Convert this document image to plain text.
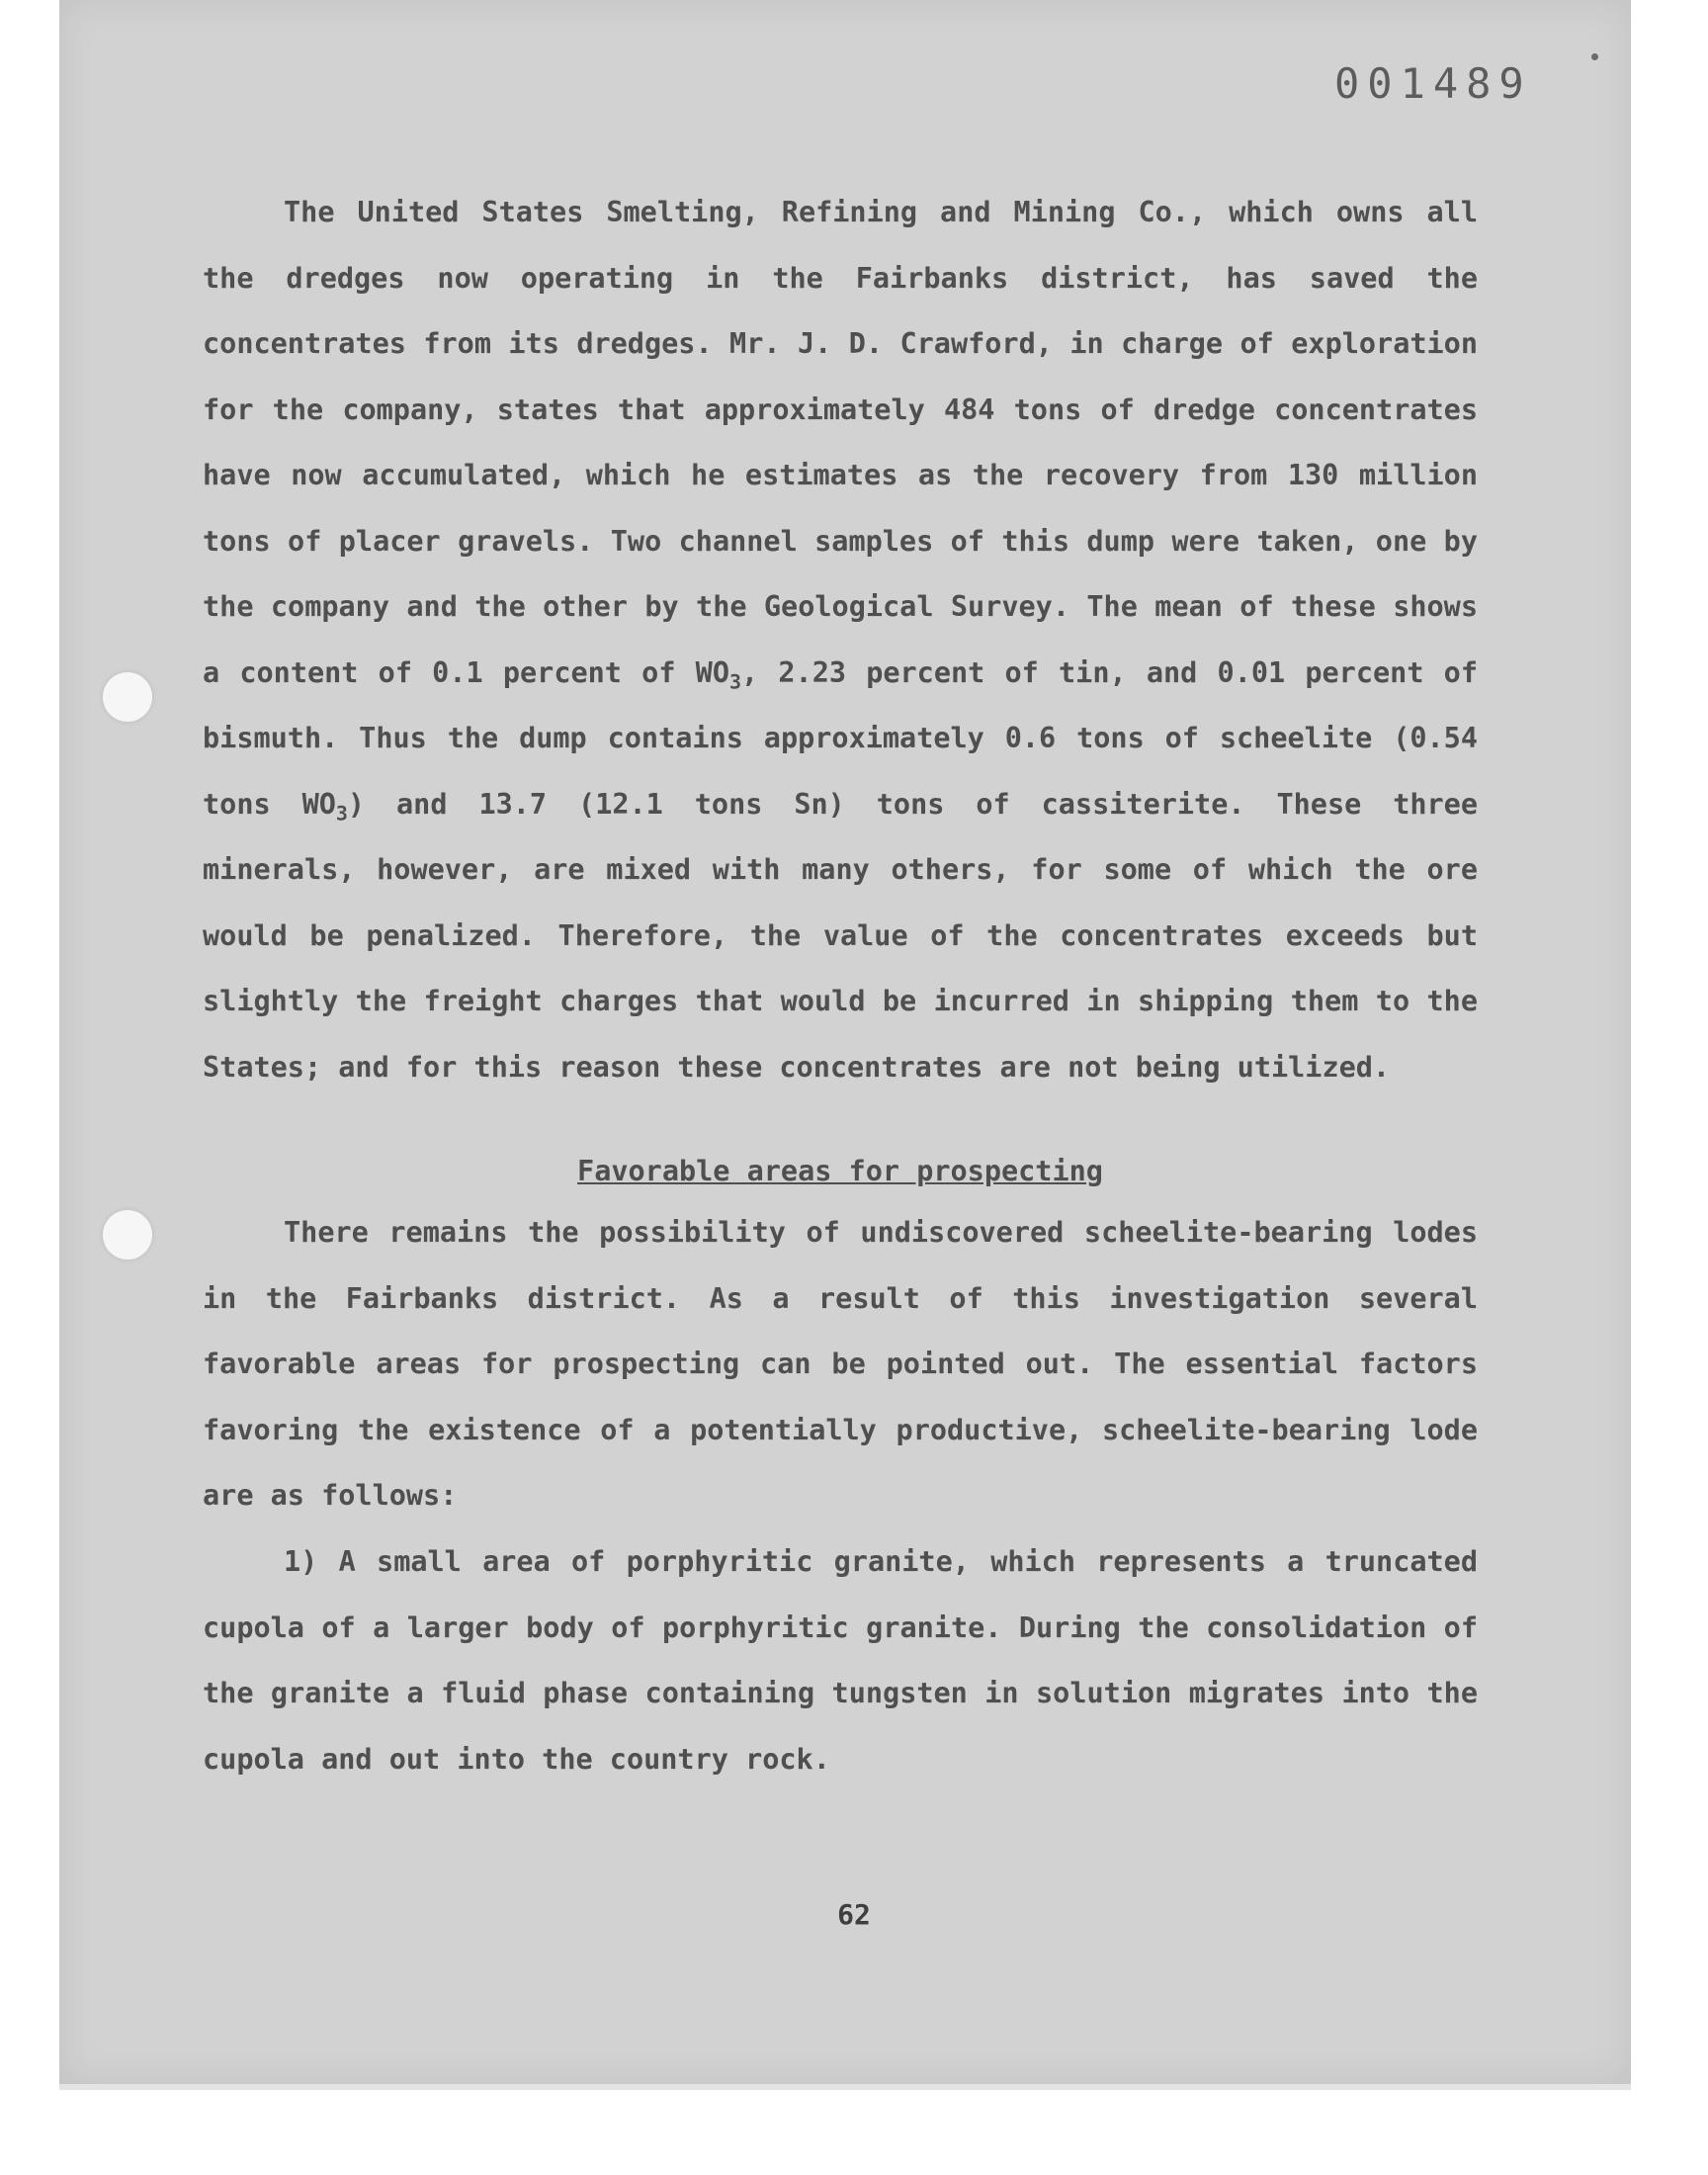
001489

The United States Smelting, Refining and Mining Co., which owns all the dredges now operating in the Fairbanks district, has saved the concentrates from its dredges. Mr. J. D. Crawford, in charge of exploration for the company, states that approximately 484 tons of dredge concentrates have now accumulated, which he estimates as the recovery from 130 million tons of placer gravels. Two channel samples of this dump were taken, one by the company and the other by the Geological Survey. The mean of these shows a content of 0.1 percent of $WO_3$, 2.23 percent of tin, and 0.01 percent of bismuth. Thus the dump contains approximately 0.6 tons of scheelite (0.54 tons $WO_3$) and 13.7 (12.1 tons Sn) tons of cassiterite. These three minerals, however, are mixed with many others, for some of which the ore would be penalized. Therefore, the value of the concentrates exceeds but slightly the freight charges that would be incurred in shipping them to the States; and for this reason these concentrates are not being utilized.

Favorable areas for prospecting

There remains the possibility of undiscovered scheelite-bearing lodes in the Fairbanks district. As a result of this investigation several favorable areas for prospecting can be pointed out. The essential factors favoring the existence of a potentially productive, scheelite-bearing lode are as follows:

1) A small area of porphyritic granite, which represents a truncated cupola of a larger body of porphyritic granite. During the consolidation of the granite a fluid phase containing tungsten in solution migrates into the cupola and out into the country rock.

62
